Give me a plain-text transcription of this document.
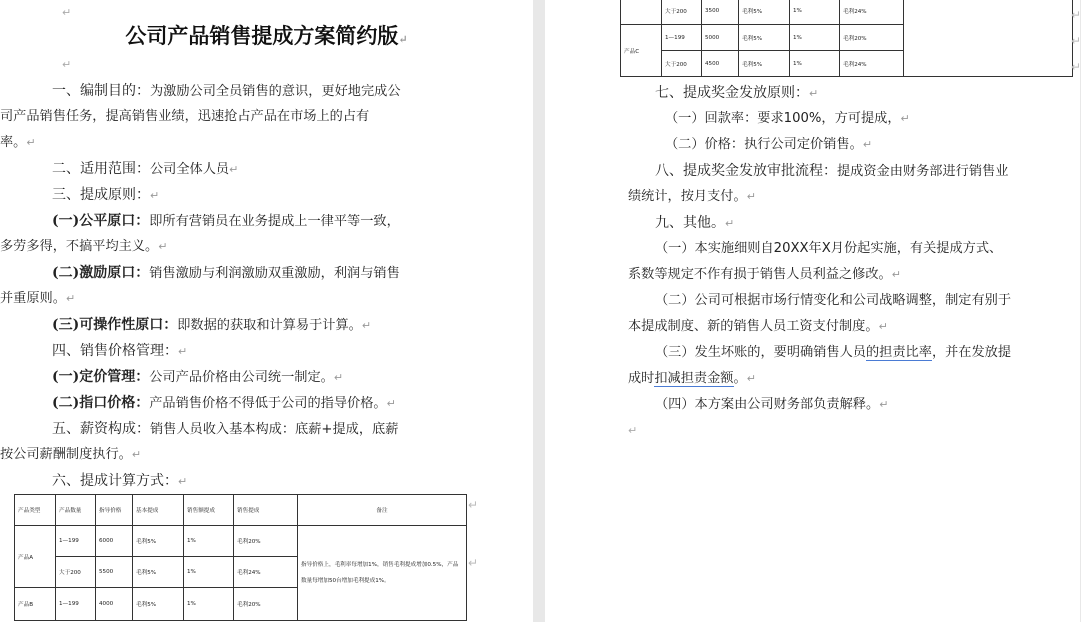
↵
公司产品销售提成方案简约版↵
↵
一、编制目的：为激励公司全员销售的意识，更好地完成公
司产品销售任务，提高销售业绩，迅速抢占产品在市场上的占有
率。↵
二、适用范围：公司全体人员↵
三、提成原则：↵
(一)公平原口：即所有营销员在业务提成上一律平等一致，
多劳多得，不搞平均主义。↵
(二)激励原口：销售激励与利润激励双重激励，利润与销售
并重原则。↵
(三)可操作性原口：即数据的获取和计算易于计算。↵
四、销售价格管理：↵
(一)定价管理：公司产品价格由公司统一制定。↵
(二)指口价格：产品销售价格不得低于公司的指导价格。↵
五、薪资构成：销售人员收入基本构成：底薪+提成，底薪
按公司薪酬制度执行。↵
六、提成计算方式：↵
产品类型	产品数量	指导价格	基本提成	销售额提成	销售提成	备注
产品A	1—199	6000	毛利5%	1%	毛利20%	指导价格上，毛利率每增加1%，销售毛利提成增加0.5%，产品数量每增加50台增加毛利提成1%。
	大于200	5500	毛利5%	1%	毛利24%	
产品B	1—199	4000	毛利5%	1%	毛利20%	
↵
↵
	大于200	3500	毛利5%	1%	毛利24%	
产品C	1—199	5000	毛利5%	1%	毛利20%	
	大于200	4500	毛利5%	1%	毛利24%	
↵
↵
↵
七、提成奖金发放原则：↵
（一）回款率：要求100%，方可提成，↵
（二）价格：执行公司定价销售。↵
八、提成奖金发放审批流程：提成资金由财务部进行销售业
绩统计，按月支付。↵
九、其他。↵
（一）本实施细则自20XX年X月份起实施，有关提成方式、
系数等规定不作有损于销售人员利益之修改。↵
（二）公司可根据市场行情变化和公司战略调整，制定有别于
本提成制度、新的销售人员工资支付制度。↵
（三）发生坏账的，要明确销售人员的担责比率，并在发放提
成时扣减担责金额。↵
（四）本方案由公司财务部负责解释。↵
↵
